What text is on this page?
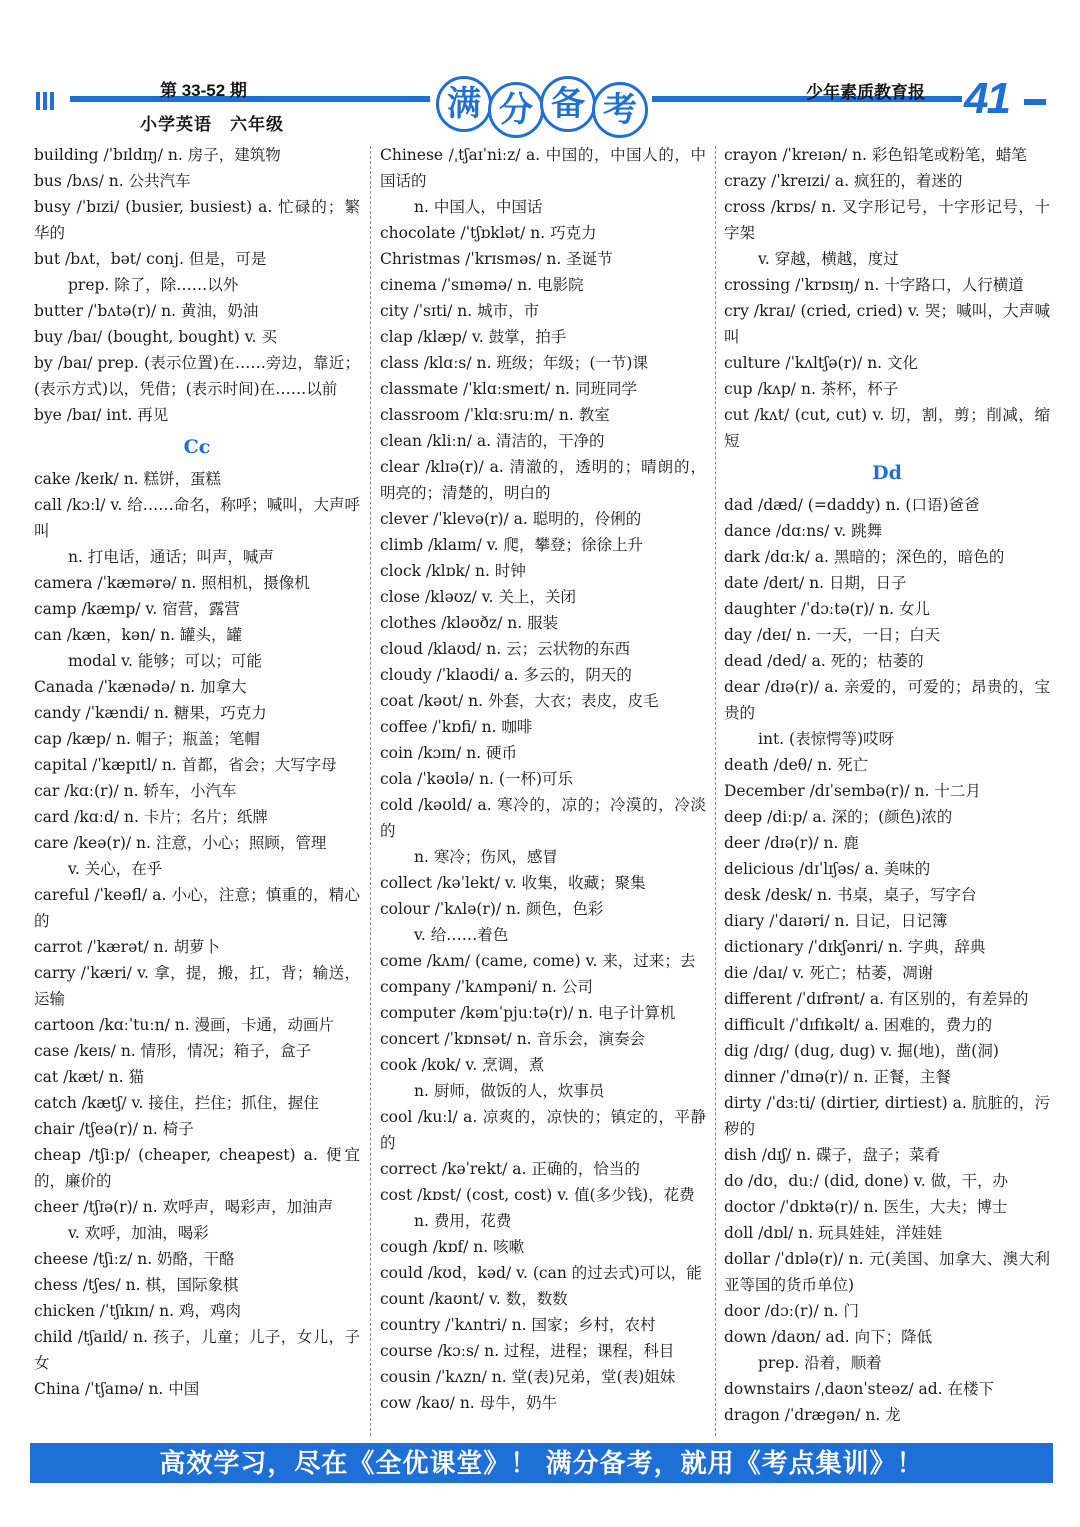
第 33-52 期
小学英语　六年级
满 分 备 考	少年素质教育报 41

building /ˈbɪldɪŋ/ n. 房子，建筑物

bus /bʌs/ n. 公共汽车

busy /ˈbɪzi/ (busier, busiest) a. 忙碌的；繁华的

but /bʌt，bət/ conj. 但是，可是

prep. 除了，除……以外

butter /ˈbʌtə(r)/ n. 黄油，奶油

buy /baɪ/ (bought, bought) v. 买

by /baɪ/ prep. (表示位置)在……旁边，靠近；(表示方式)以，凭借；(表示时间)在……以前

bye /baɪ/ int. 再见

Cc

cake /keɪk/ n. 糕饼，蛋糕

call /kɔːl/ v. 给……命名，称呼；喊叫，大声呼叫

n. 打电话，通话；叫声，喊声

camera /ˈkæmərə/ n. 照相机，摄像机

camp /kæmp/ v. 宿营，露营

can /kæn，kən/ n. 罐头，罐

modal v. 能够；可以；可能

Canada /ˈkænədə/ n. 加拿大

candy /ˈkændi/ n. 糖果，巧克力

cap /kæp/ n. 帽子；瓶盖；笔帽

capital /ˈkæpɪtl/ n. 首都，省会；大写字母

car /kɑː(r)/ n. 轿车，小汽车

card /kɑːd/ n. 卡片；名片；纸牌

care /keə(r)/ n. 注意，小心；照顾，管理

v. 关心，在乎

careful /ˈkeəfl/ a. 小心，注意；慎重的，精心的

carrot /ˈkærət/ n. 胡萝卜

carry /ˈkæri/ v. 拿，提，搬，扛，背；输送，运输

cartoon /kɑːˈtuːn/ n. 漫画，卡通，动画片

case /keɪs/ n. 情形，情况；箱子，盒子

cat /kæt/ n. 猫

catch /kætʃ/ v. 接住，拦住；抓住，握住

chair /tʃeə(r)/ n. 椅子

cheap /tʃiːp/ (cheaper, cheapest) a. 便宜的，廉价的

cheer /tʃɪə(r)/ n. 欢呼声，喝彩声，加油声

v. 欢呼，加油，喝彩

cheese /tʃiːz/ n. 奶酪，干酪

chess /tʃes/ n. 棋，国际象棋

chicken /ˈtʃɪkɪn/ n. 鸡，鸡肉

child /tʃaɪld/ n. 孩子，儿童；儿子，女儿，子女

China /ˈtʃaɪnə/ n. 中国

Chinese /ˌtʃaɪˈniːz/ a. 中国的，中国人的，中国话的

n. 中国人，中国话

chocolate /ˈtʃɒklət/ n. 巧克力

Christmas /ˈkrɪsməs/ n. 圣诞节

cinema /ˈsɪnəmə/ n. 电影院

city /ˈsɪti/ n. 城市，市

clap /klæp/ v. 鼓掌，拍手

class /klɑːs/ n. 班级；年级；(一节)课

classmate /ˈklɑːsmeɪt/ n. 同班同学

classroom /ˈklɑːsruːm/ n. 教室

clean /kliːn/ a. 清洁的，干净的

clear /klɪə(r)/ a. 清澈的，透明的；晴朗的，明亮的；清楚的，明白的

clever /ˈklevə(r)/ a. 聪明的，伶俐的

climb /klaɪm/ v. 爬，攀登；徐徐上升

clock /klɒk/ n. 时钟

close /kləʊz/ v. 关上，关闭

clothes /kləʊðz/ n. 服装

cloud /klaʊd/ n. 云；云状物的东西

cloudy /ˈklaʊdi/ a. 多云的，阴天的

coat /kəʊt/ n. 外套，大衣；表皮，皮毛

coffee /ˈkɒfi/ n. 咖啡

coin /kɔɪn/ n. 硬币

cola /ˈkəʊlə/ n. (一杯)可乐

cold /kəʊld/ a. 寒冷的，凉的；冷漠的，冷淡的

n. 寒冷；伤风，感冒

collect /kəˈlekt/ v. 收集，收藏；聚集

colour /ˈkʌlə(r)/ n. 颜色，色彩

v. 给……着色

come /kʌm/ (came, come) v. 来，过来；去

company /ˈkʌmpəni/ n. 公司

computer /kəmˈpjuːtə(r)/ n. 电子计算机

concert /ˈkɒnsət/ n. 音乐会，演奏会

cook /kʊk/ v. 烹调，煮

n. 厨师，做饭的人，炊事员

cool /kuːl/ a. 凉爽的，凉快的；镇定的，平静的

correct /kəˈrekt/ a. 正确的，恰当的

cost /kɒst/ (cost, cost) v. 值(多少钱)，花费

n. 费用，花费

cough /kɒf/ n. 咳嗽

could /kʊd，kəd/ v. (can 的过去式)可以，能

count /kaʊnt/ v. 数，数数

country /ˈkʌntri/ n. 国家；乡村，农村

course /kɔːs/ n. 过程，进程；课程，科目

cousin /ˈkʌzn/ n. 堂(表)兄弟，堂(表)姐妹

cow /kaʊ/ n. 母牛，奶牛

crayon /ˈkreɪən/ n. 彩色铅笔或粉笔，蜡笔

crazy /ˈkreɪzi/ a. 疯狂的，着迷的

cross /krɒs/ n. 叉字形记号，十字形记号，十字架

v. 穿越，横越，度过

crossing /ˈkrɒsɪŋ/ n. 十字路口，人行横道

cry /kraɪ/ (cried, cried) v. 哭；喊叫，大声喊叫

culture /ˈkʌltʃə(r)/ n. 文化

cup /kʌp/ n. 茶杯，杯子

cut /kʌt/ (cut, cut) v. 切，割，剪；削减，缩短

Dd

dad /dæd/ (=daddy) n. (口语)爸爸

dance /dɑːns/ v. 跳舞

dark /dɑːk/ a. 黑暗的；深色的，暗色的

date /deɪt/ n. 日期，日子

daughter /ˈdɔːtə(r)/ n. 女儿

day /deɪ/ n. 一天，一日；白天

dead /ded/ a. 死的；枯萎的

dear /dɪə(r)/ a. 亲爱的，可爱的；昂贵的，宝贵的

int. (表惊愕等)哎呀

death /deθ/ n. 死亡

December /dɪˈsembə(r)/ n. 十二月

deep /diːp/ a. 深的；(颜色)浓的

deer /dɪə(r)/ n. 鹿

delicious /dɪˈlɪʃəs/ a. 美味的

desk /desk/ n. 书桌，桌子，写字台

diary /ˈdaɪəri/ n. 日记，日记簿

dictionary /ˈdɪkʃənri/ n. 字典，辞典

die /daɪ/ v. 死亡；枯萎，凋谢

different /ˈdɪfrənt/ a. 有区别的，有差异的

difficult /ˈdɪfɪkəlt/ a. 困难的，费力的

dig /dɪg/ (dug, dug) v. 掘(地)，凿(洞)

dinner /ˈdɪnə(r)/ n. 正餐，主餐

dirty /ˈdɜːti/ (dirtier, dirtiest) a. 肮脏的，污秽的

dish /dɪʃ/ n. 碟子，盘子；菜肴

do /dʊ，duː/ (did, done) v. 做，干，办

doctor /ˈdɒktə(r)/ n. 医生，大夫；博士

doll /dɒl/ n. 玩具娃娃，洋娃娃

dollar /ˈdɒlə(r)/ n. 元(美国、加拿大、澳大利亚等国的货币单位)

door /dɔː(r)/ n. 门

down /daʊn/ ad. 向下；降低

prep. 沿着，顺着

downstairs /ˌdaʊnˈsteəz/ ad. 在楼下

dragon /ˈdrægən/ n. 龙

高效学习，尽在《全优课堂》！ 满分备考，就用《考点集训》！
